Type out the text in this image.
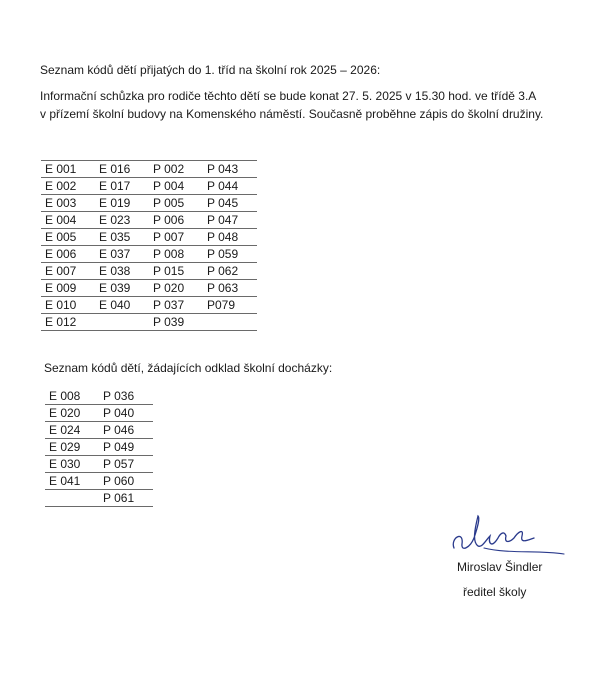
Seznam kódů dětí přijatých do 1. tříd na školní rok 2025 – 2026:
Informační schůzka pro rodiče těchto dětí se bude konat 27. 5. 2025 v 15.30 hod. ve třídě 3.A
v přízemí školní budovy na Komenského náměstí. Současně proběhne zápis do školní družiny.
E 001	E 016	P 002	P 043
E 002	E 017	P 004	P 044
E 003	E 019	P 005	P 045
E 004	E 023	P 006	P 047
E 005	E 035	P 007	P 048
E 006	E 037	P 008	P 059
E 007	E 038	P 015	P 062
E 009	E 039	P 020	P 063
E 010	E 040	P 037	P079
E 012		P 039	
Seznam kódů dětí, žádajících odklad školní docházky:
E 008	P 036
E 020	P 040
E 024	P 046
E 029	P 049
E 030	P 057
E 041	P 060
	P 061
Miroslav Šindler
ředitel školy
